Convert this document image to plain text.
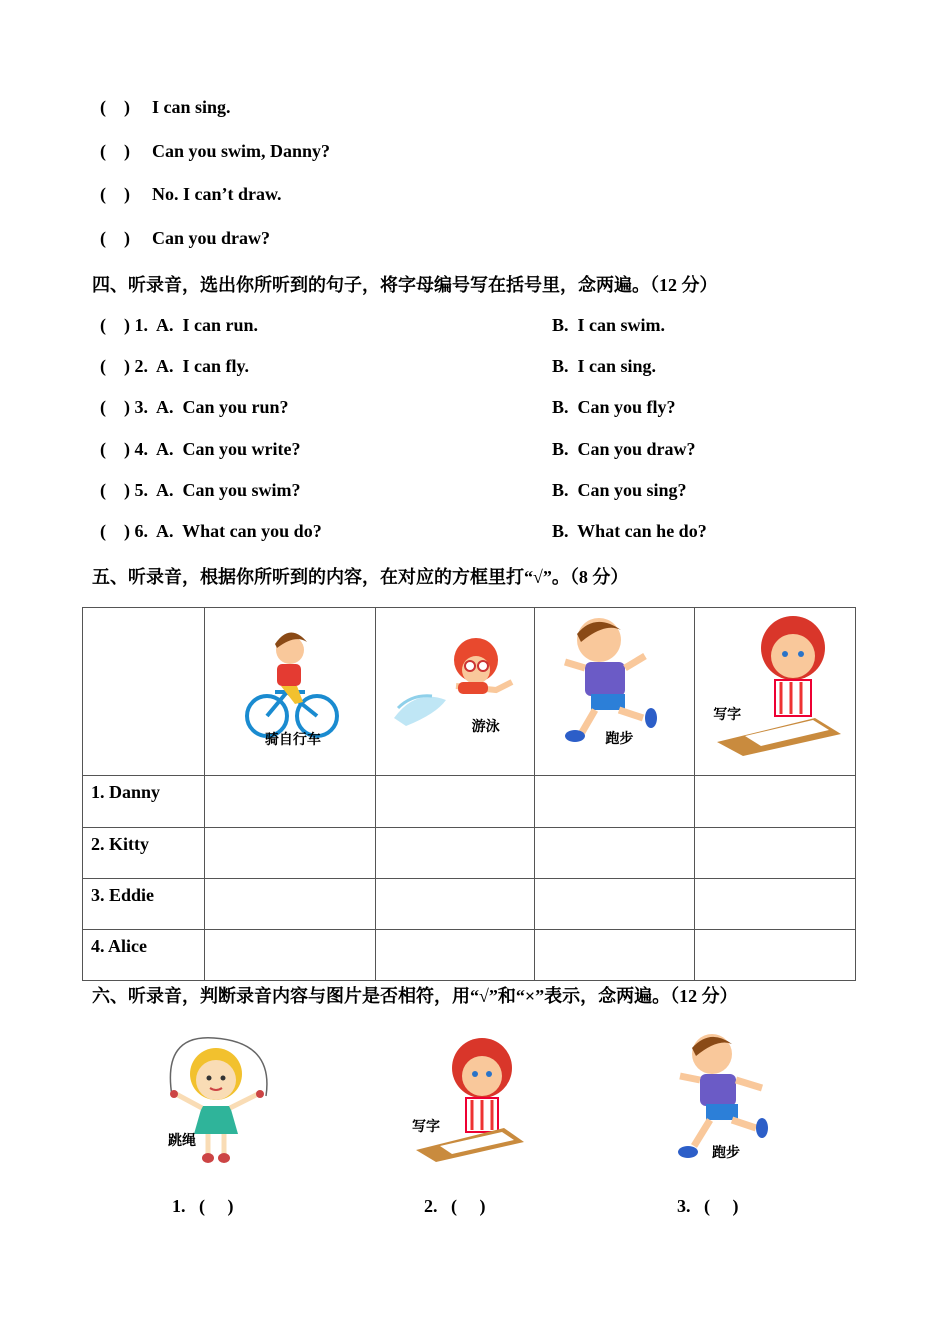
(    ) I can sing.
(    ) Can you swim, Danny?
(    ) No. I can’t draw.
(    ) Can you draw?
四、听录音，选出你所听到的句子，将字母编号写在括号里，念两遍。（12 分）
(    ) 1.  A.  I can run.	B.  I can swim.
(    ) 2.  A.  I can fly.	B.  I can sing.
(    ) 3.  A.  Can you run?	B.  Can you fly?
(    ) 4.  A.  Can you write?	B.  Can you draw?
(    ) 5.  A.  Can you swim?	B.  Can you sing?
(    ) 6.  A.  What can you do?	B.  What can he do?
五、听录音，根据你所听到的内容，在对应的方框里打“√”。（8 分）

	骑自行车	游泳	跑步	写字

1. Danny				
2. Kitty				
3. Eddie				
4. Alice				
六、听录音，判断录音内容与图片是否相符，用“√”和“×”表示，念两遍。（12 分）
跳绳
写字
跑步
1.   (     )	2.   (     )	3.   (     )
